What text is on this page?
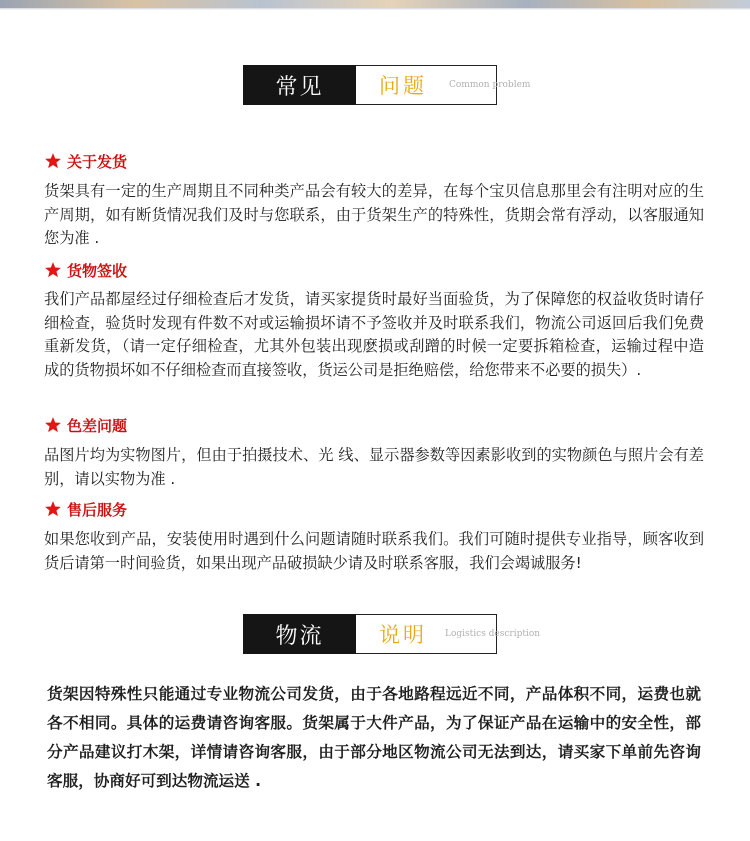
常见	问题 Common problem
关于发货

货架具有一定的生产周期且不同种类产品会有较大的差异，在每个宝贝信息那里会有注明对应的生产周期，如有断货情况我们及时与您联系，由于货架生产的特殊性，货期会常有浮动，以客服通知您为准 .

货物签收

我们产品都屋经过仔细检查后才发货，请买家提货时最好当面验货，为了保障您的权益收货时请仔细检查，验货时发现有件数不对或运输损坏请不予签收并及时联系我们，物流公司返回后我们免费重新发货，（请一定仔细检查，尤其外包装出现麽损或刮蹭的时候一定要拆箱检查，运输过程中造成的货物损坏如不仔细检查而直接签收，货运公司是拒绝赔偿，给您带来不必要的损失）.

色差问题

品图片均为实物图片，但由于拍摄技术、光 线、显示器参数等因素影收到的实物颜色与照片会有差别，请以实物为准 .

售后服务

如果您收到产品，安装使用时遇到什么问题请随时联系我们。我们可随时提供专业指导，顾客收到货后请第一时间验货，如果出现产品破损缺少请及时联系客服，我们会竭诚服务!

物流	说明 Logistics description

货架因特殊性只能通过专业物流公司发货，由于各地路程远近不同，产品体积不同，运费也就各不相同。具体的运费请咨询客服。货架属于大件产品，为了保证产品在运输中的安全性，部分产品建议打木架，详情请咨询客服，由于部分地区物流公司无法到达，请买家下单前先咨询客服，协商好可到达物流运送 .
